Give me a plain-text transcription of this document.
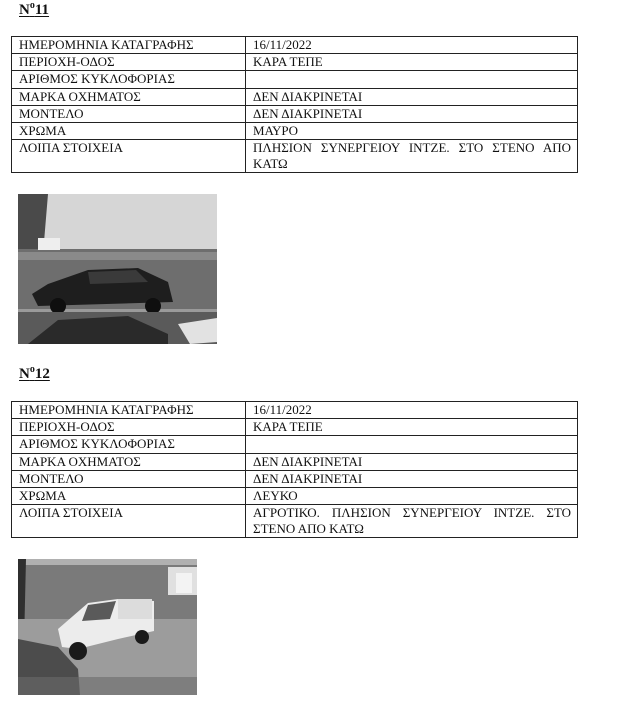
$N^o11$
ΗΜΕΡΟΜΗΝΙΑ ΚΑΤΑΓΡΑΦΗΣ	16/11/2022
ΠΕΡΙΟΧΗ-ΟΔΟΣ	ΚΑΡΑ ΤΕΠΕ
ΑΡΙΘΜΟΣ ΚΥΚΛΟΦΟΡΙΑΣ	
ΜΑΡΚΑ ΟΧΗΜΑΤΟΣ	ΔΕΝ ΔΙΑΚΡΙΝΕΤΑΙ
ΜΟΝΤΕΛΟ	ΔΕΝ ΔΙΑΚΡΙΝΕΤΑΙ
ΧΡΩΜΑ	ΜΑΥΡΟ
ΛΟΙΠΑ ΣΤΟΙΧΕΙΑ	ΠΛΗΣΙΟΝ ΣΥΝΕΡΓΕΙΟΥ ΙΝΤΖΕ. ΣΤΟ ΣΤΕΝΟ ΑΠΟ ΚΑΤΩ
$N^o12$
ΗΜΕΡΟΜΗΝΙΑ ΚΑΤΑΓΡΑΦΗΣ	16/11/2022
ΠΕΡΙΟΧΗ-ΟΔΟΣ	ΚΑΡΑ ΤΕΠΕ
ΑΡΙΘΜΟΣ ΚΥΚΛΟΦΟΡΙΑΣ	
ΜΑΡΚΑ ΟΧΗΜΑΤΟΣ	ΔΕΝ ΔΙΑΚΡΙΝΕΤΑΙ
ΜΟΝΤΕΛΟ	ΔΕΝ ΔΙΑΚΡΙΝΕΤΑΙ
ΧΡΩΜΑ	ΛΕΥΚΟ
ΛΟΙΠΑ ΣΤΟΙΧΕΙΑ	ΑΓΡΟΤΙΚΟ. ΠΛΗΣΙΟΝ ΣΥΝΕΡΓΕΙΟΥ ΙΝΤΖΕ. ΣΤΟ ΣΤΕΝΟ ΑΠΟ ΚΑΤΩ
